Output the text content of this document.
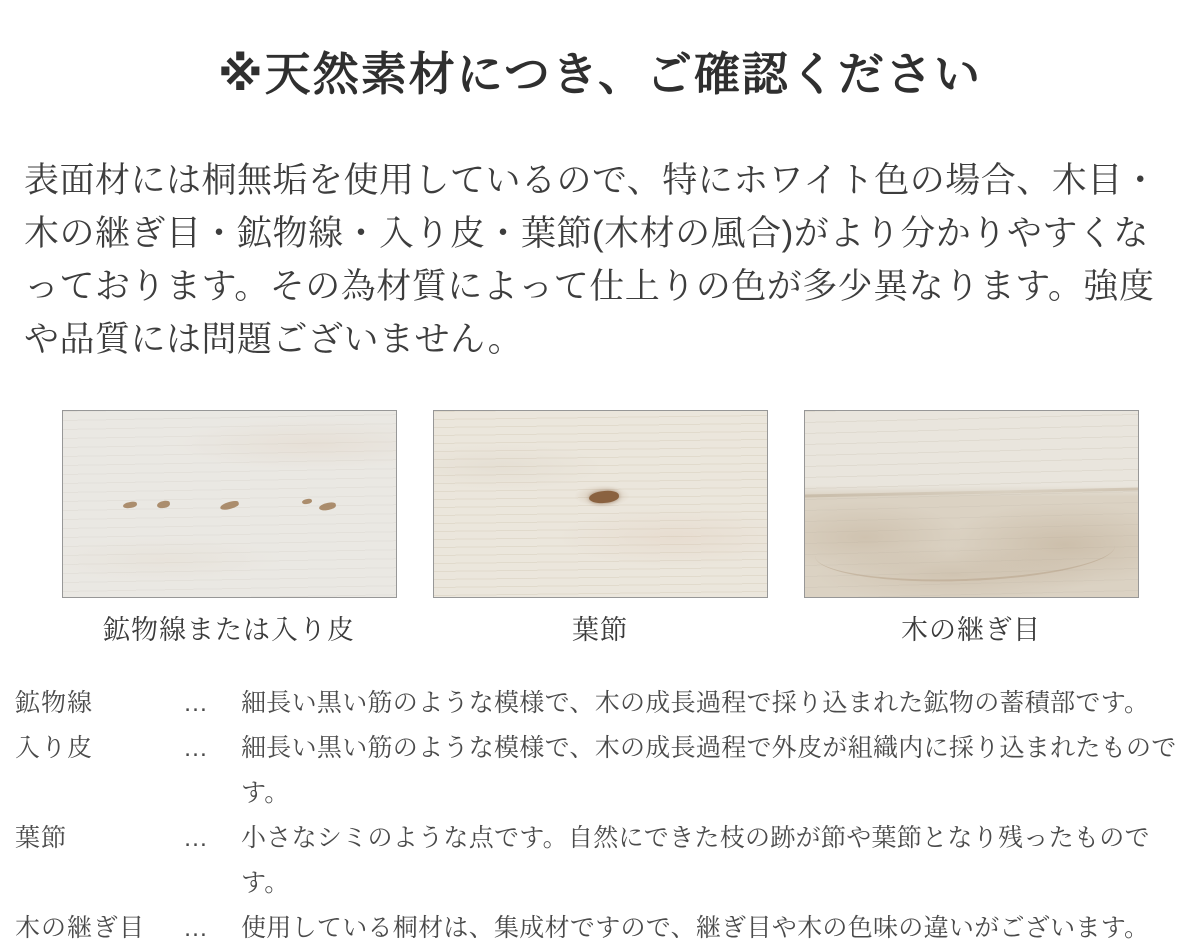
※天然素材につき、ご確認ください
表面材には桐無垢を使用しているので、特にホワイト色の場合、木目・
木の継ぎ目・鉱物線・入り皮・葉節(木材の風合)がより分かりやすくな
っております。その為材質によって仕上りの色が多少異なります。強度
や品質には問題ございません。
鉱物線または入り皮	葉節	木の継ぎ目
鉱物線	…	細長い黒い筋のような模様で、木の成長過程で採り込まれた鉱物の蓄積部です。
入り皮	…	細長い黒い筋のような模様で、木の成長過程で外皮が組織内に採り込まれたものです。
葉節	…	小さなシミのような点です。自然にできた枝の跡が節や葉節となり残ったものです。
木の継ぎ目	…	使用している桐材は、集成材ですので、継ぎ目や木の色味の違いがございます。
